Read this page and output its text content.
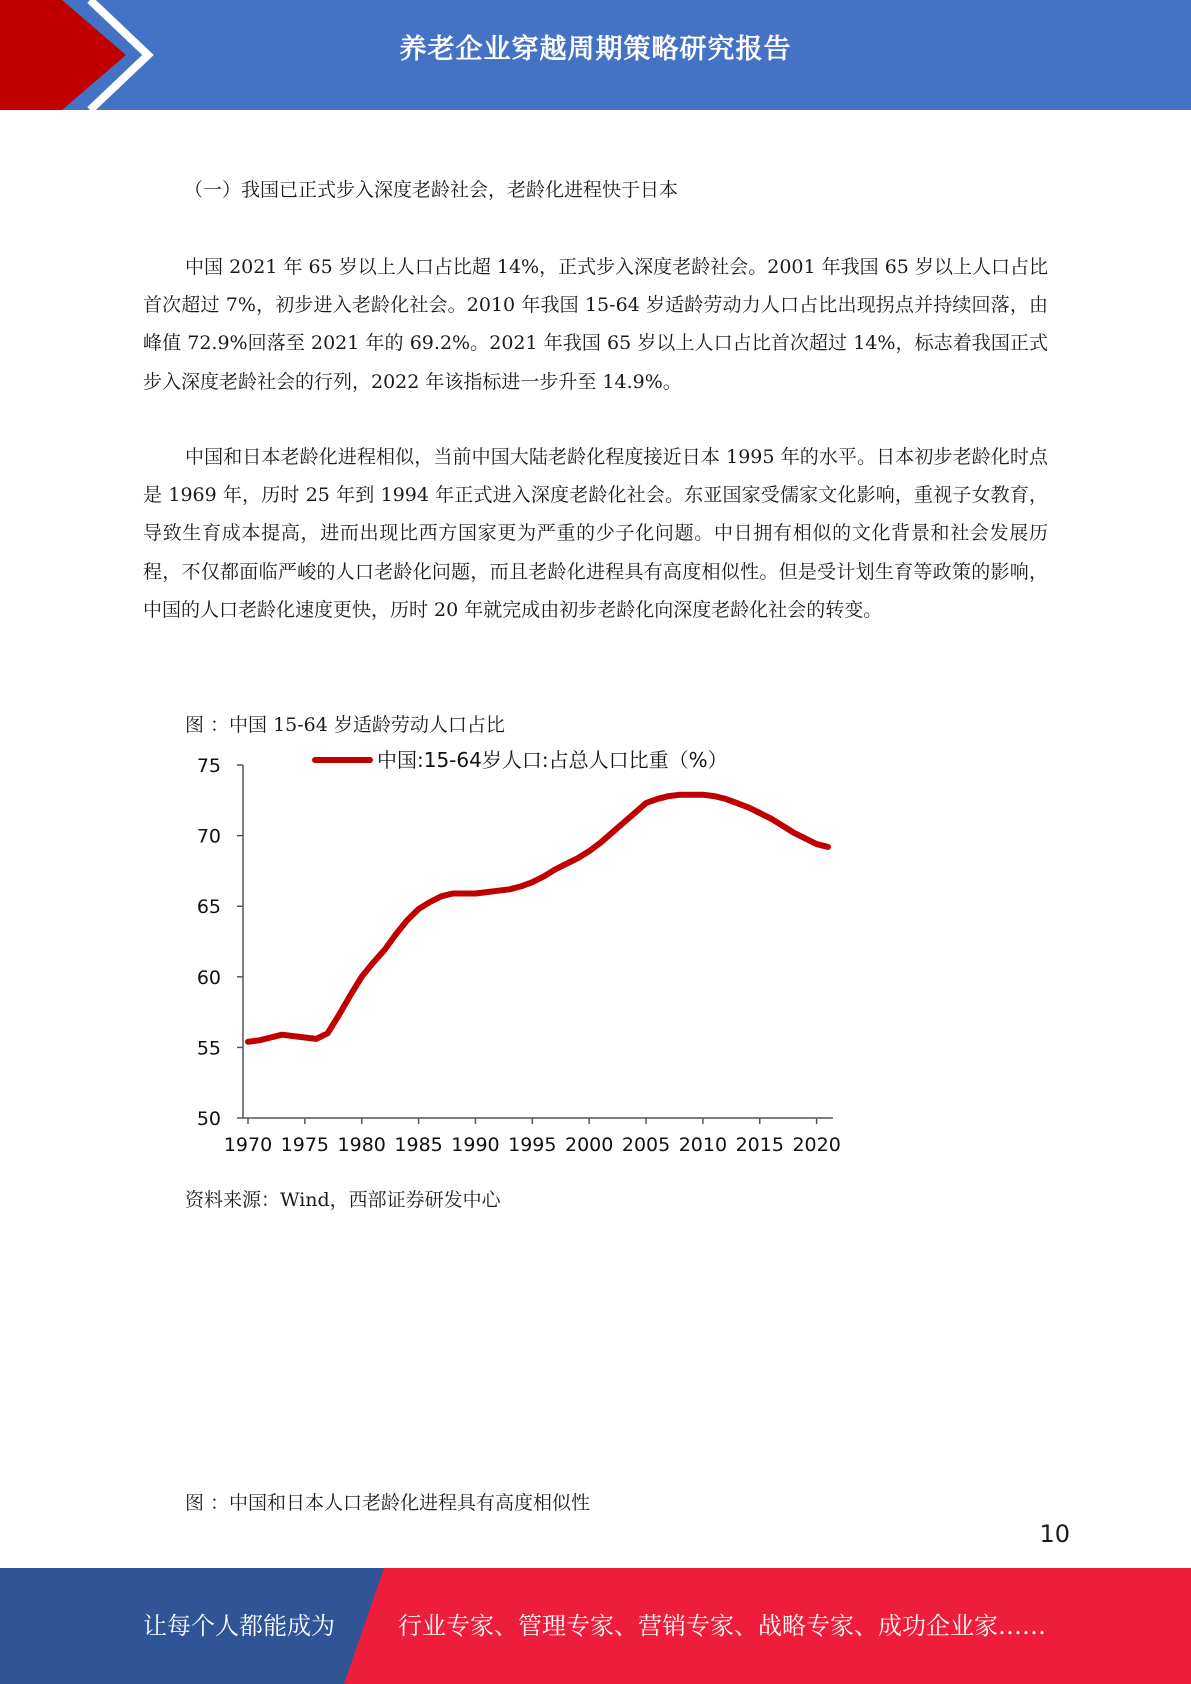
养老企业穿越周期策略研究报告
（一）我国已正式步入深度老龄社会，老龄化进程快于日本

中国 2021 年 65 岁以上人口占比超 14%，正式步入深度老龄社会。2001 年我国 65 岁以上人口占比首次超过 7%，初步进入老龄化社会。2010 年我国 15-64 岁适龄劳动力人口占比出现拐点并持续回落，由峰值 72.9%回落至 2021 年的 69.2%。2021 年我国 65 岁以上人口占比首次超过 14%，标志着我国正式步入深度老龄社会的行列，2022 年该指标进一步升至 14.9%。

中国和日本老龄化进程相似，当前中国大陆老龄化程度接近日本 1995 年的水平。日本初步老龄化时点是 1969 年，历时 25 年到 1994 年正式进入深度老龄化社会。东亚国家受儒家文化影响，重视子女教育，导致生育成本提高，进而出现比西方国家更为严重的少子化问题。中日拥有相似的文化背景和社会发展历程，不仅都面临严峻的人口老龄化问题，而且老龄化进程具有高度相似性。但是受计划生育等政策的影响，中国的人口老龄化速度更快，历时 20 年就完成由初步老龄化向深度老龄化社会的转变。

图 ：中国 15-64 岁适龄劳动人口占比
50
55
60
65
70
75
1970 1975 1980 1985 1990 1995 2000 2005 2010 2015 2020
中国:15-64岁人口:占总人口比重（%）
资料来源：Wind，西部证券研发中心
图 ：中国和日本人口老龄化进程具有高度相似性
10
让每个人都能成为	行业专家、管理专家、营销专家、战略专家、成功企业家……
